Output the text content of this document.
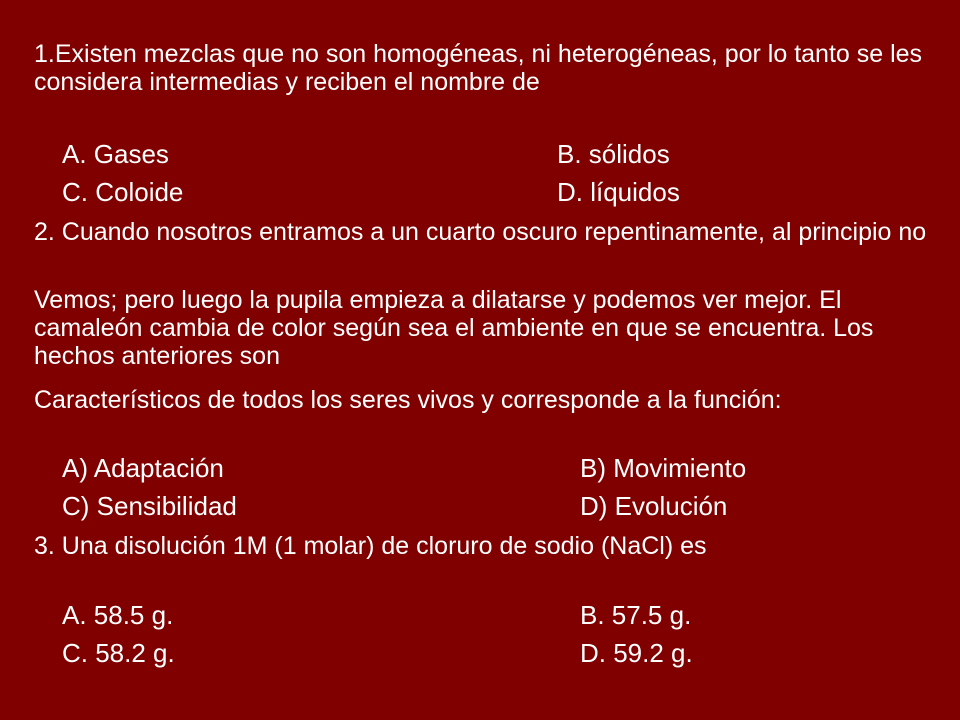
1.Existen mezclas que no son homogéneas, ni heterogéneas, por lo tanto se les considera intermedias y reciben el nombre de
A. Gases	B. sólidos
C. Coloide	D. líquidos
2. Cuando nosotros entramos a un cuarto oscuro repentinamente, al principio no
Vemos; pero luego la pupila empieza a dilatarse y podemos ver mejor. El camaleón cambia de color según sea el ambiente en que se encuentra. Los hechos anteriores son
Característicos de todos los seres vivos y corresponde a la función:
A) Adaptación	B) Movimiento
C) Sensibilidad	D) Evolución
3. Una disolución 1M (1 molar) de cloruro de sodio (NaCl) es
A. 58.5 g.	B. 57.5 g.
C. 58.2 g.	D. 59.2 g.
